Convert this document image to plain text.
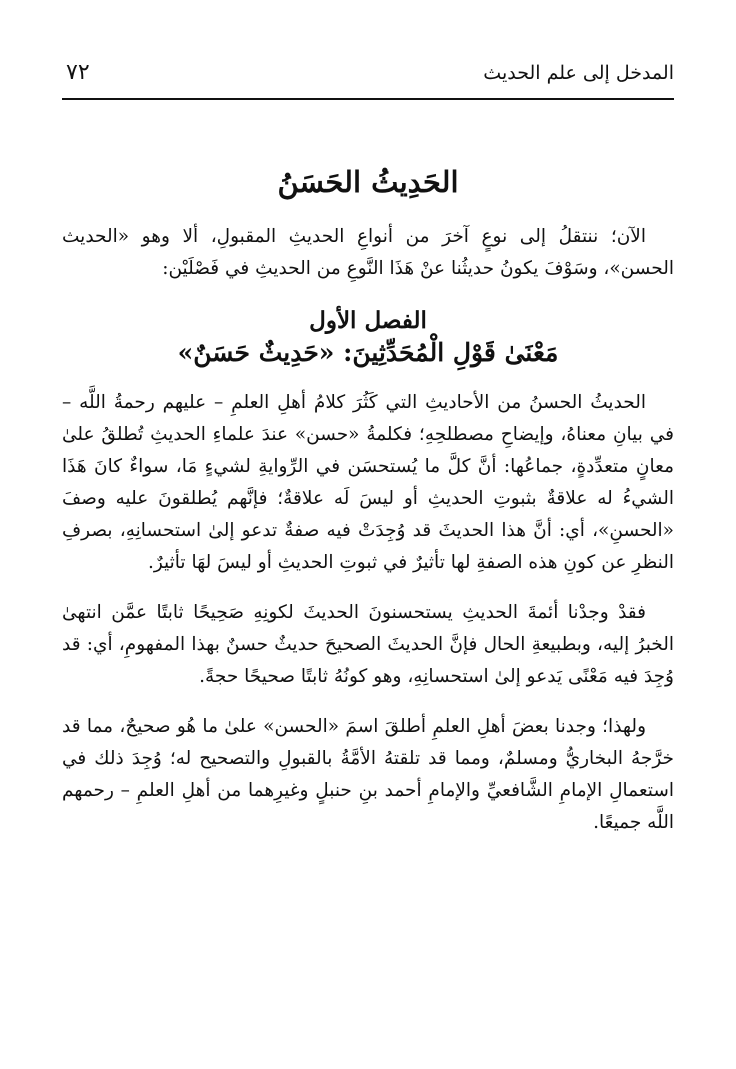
المدخل إلى علم الحديث
٧٢
الحَدِيثُ الحَسَنُ

الآن؛ ننتقلُ إلى نوعٍ آخرَ من أنواعِ الحديثِ المقبولِ، ألا وهو «الحديث الحسن»، وسَوْفَ يكونُ حديثُنا عنْ هَذَا النَّوعِ من الحديثِ في فَصْلَيْن:

الفصل الأول
مَعْنَىٰ قَوْلِ الْمُحَدِّثِينَ: «حَدِيثٌ حَسَنٌ»

الحديثُ الحسنُ من الأحاديثِ التي كَثُرَ كلامُ أهلِ العلمِ – عليهم رحمةُ اللَّه – في بيانِ معناهُ، وإيضاحِ مصطلحِهِ؛ فكلمةُ «حسن» عندَ علماءِ الحديثِ تُطلقُ علىٰ معانٍ متعدِّدةٍ، جماعُها: أنَّ كلَّ ما يُستحسَن في الرِّوايةِ لشيءٍ مَا، سواءٌ كانَ هَذَا الشيءُ له علاقةٌ بثبوتِ الحديثِ أو ليسَ لَه علاقةٌ؛ فإنَّهم يُطلقونَ عليه وصفَ «الحسنِ»، أي: أنَّ هذا الحديثَ قد وُجِدَتْ فيه صفةٌ تدعو إلىٰ استحسانِهِ، بصرفِ النظرِ عن كونِ هذه الصفةِ لها تأثيرٌ في ثبوتِ الحديثِ أو ليسَ لهَا تأثيرٌ.

فقدْ وجدْنا أئمةَ الحديثِ يستحسنونَ الحديثَ لكونِهِ صَحِيحًا ثابتًا عمَّن انتهىٰ الخبرُ إليه، وبطبيعةِ الحال فإنَّ الحديثَ الصحيحَ حديثٌ حسنٌ بهذا المفهومِ، أي: قد وُجِدَ فيه مَعْنًى يَدعو إلىٰ استحسانِهِ، وهو كونُهُ ثابتًا صحيحًا حجةً.

ولهذا؛ وجدنا بعضَ أهلِ العلمِ أطلقَ اسمَ «الحسن» علىٰ ما هُو صحيحٌ، مما قد خرَّجهُ البخاريُّ ومسلمٌ، ومما قد تلقتهُ الأمَّةُ بالقبولِ والتصحيح له؛ وُجِدَ ذلك في استعمالِ الإمامِ الشَّافعيِّ والإمامِ أحمد بنِ حنبلٍ وغيرِهما من أهلِ العلمِ – رحمهم اللَّه جميعًا.
